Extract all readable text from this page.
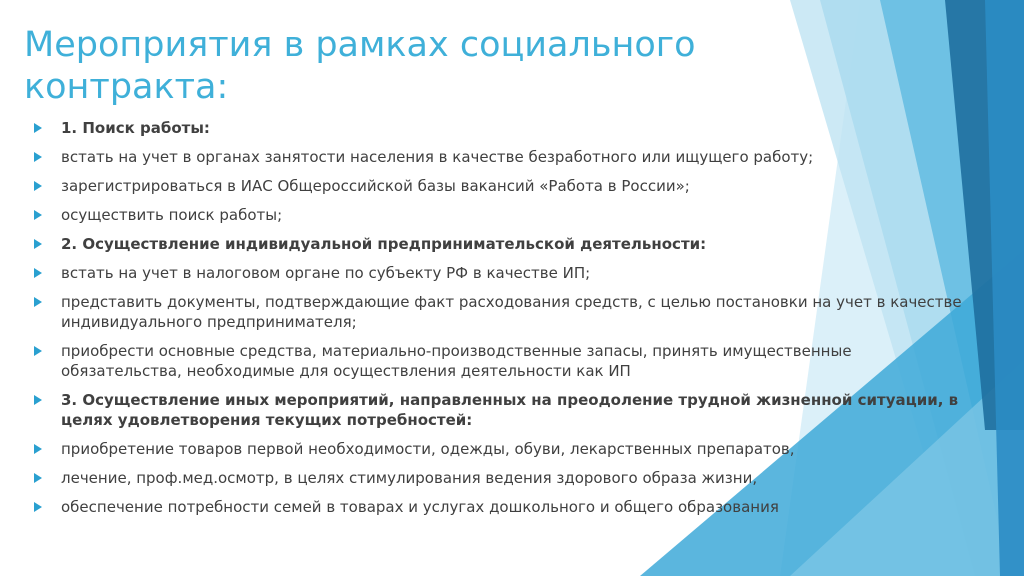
Мероприятия в рамках социального контракта:
1. Поиск работы:
встать на учет в органах занятости населения в качестве безработного или ищущего работу;
зарегистрироваться в ИАС Общероссийской базы вакансий «Работа в России»;
осуществить поиск работы;
2. Осуществление индивидуальной предпринимательской деятельности:
встать на учет в налоговом органе по субъекту РФ в качестве ИП;
представить документы, подтверждающие факт расходования средств, с целью постановки на учет в качестве индивидуального предпринимателя;
приобрести основные средства, материально-производственные запасы, принять имущественные обязательства, необходимые для осуществления деятельности как ИП
3. Осуществление иных мероприятий, направленных на преодоление трудной жизненной ситуации, в целях удовлетворения текущих потребностей:
приобретение товаров первой необходимости, одежды, обуви, лекарственных препаратов,
лечение, проф.мед.осмотр, в целях стимулирования ведения здорового образа жизни,
обеспечение потребности семей в товарах и услугах дошкольного и общего образования
